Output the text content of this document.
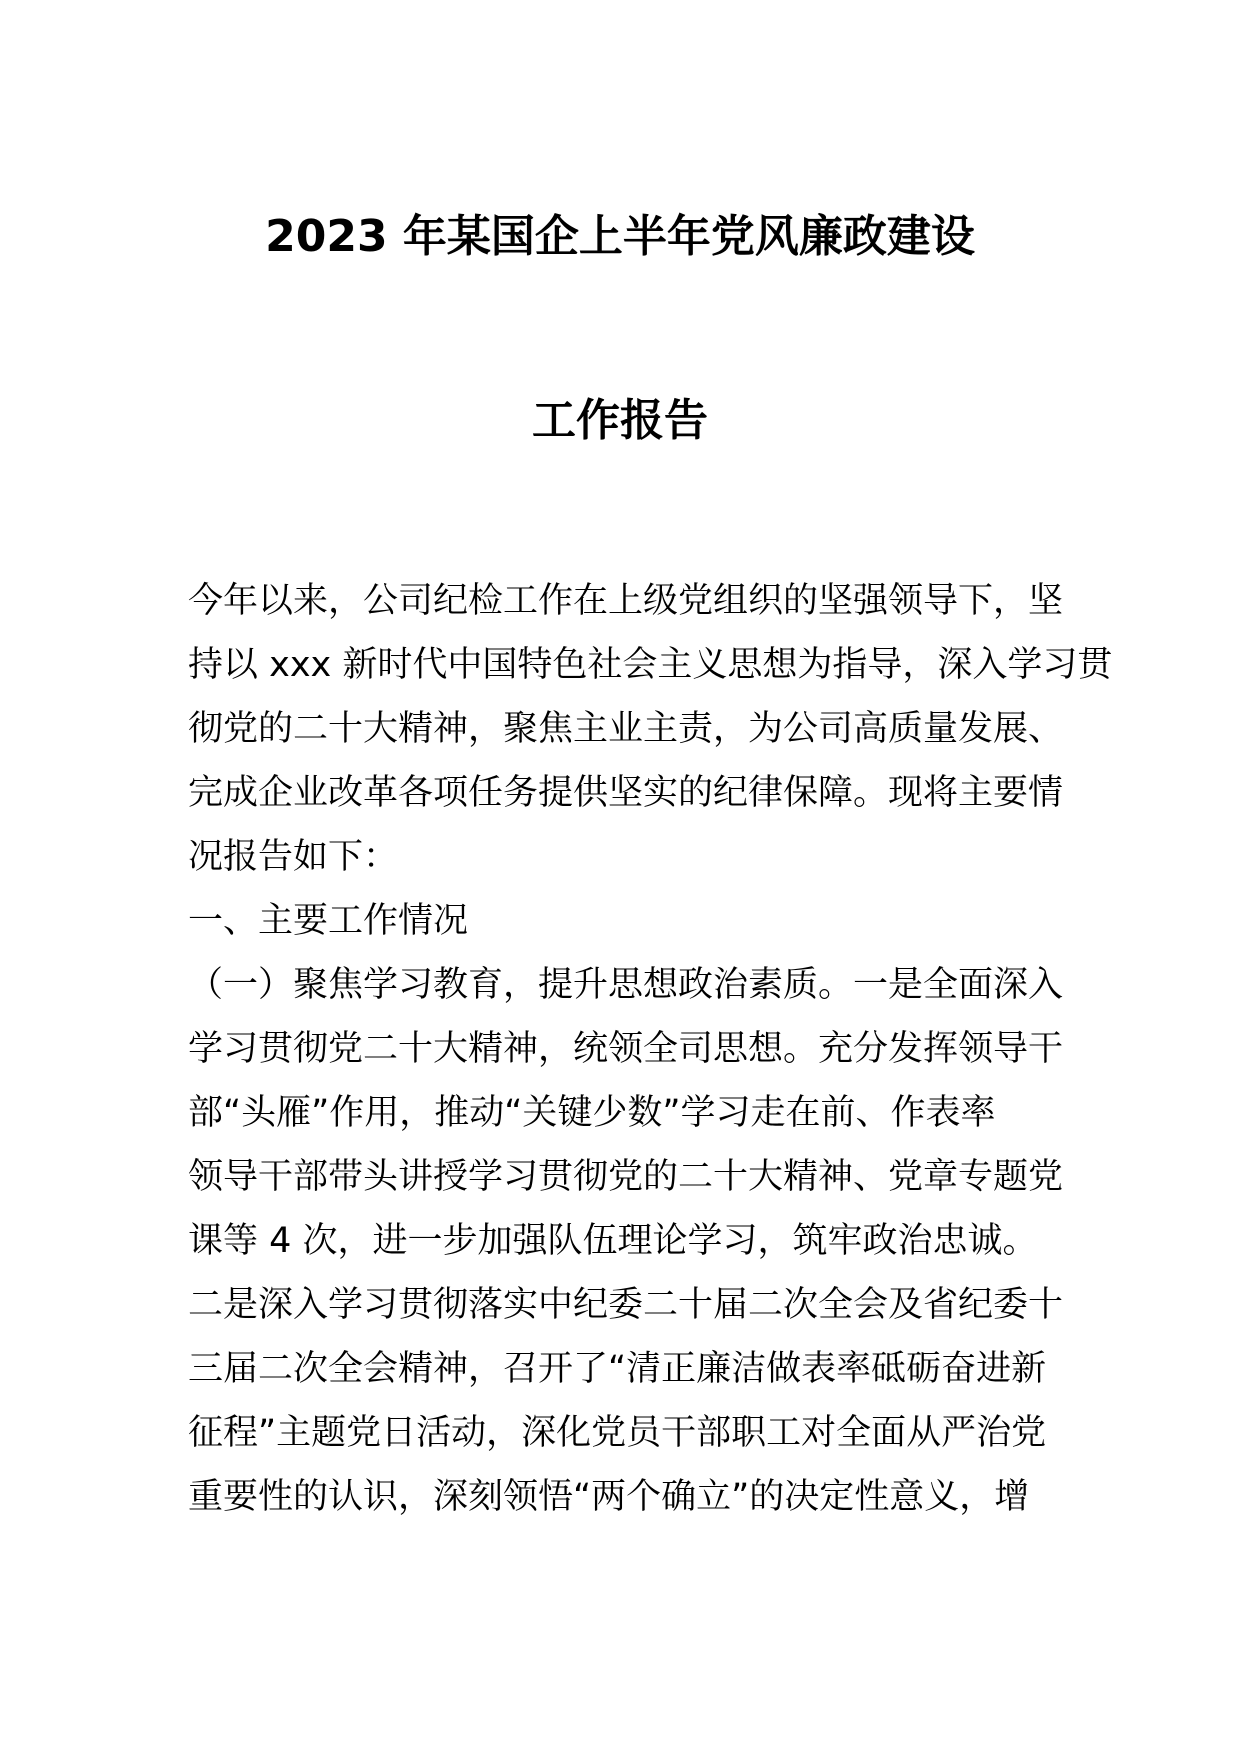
2023 年某国企上半年党风廉政建设
工作报告
今年以来，公司纪检工作在上级党组织的坚强领导下，坚
持以 xxx 新时代中国特色社会主义思想为指导，深入学习贯
彻党的二十大精神，聚焦主业主责，为公司高质量发展、
完成企业改革各项任务提供坚实的纪律保障。现将主要情
况报告如下：
一、主要工作情况
（一）聚焦学习教育，提升思想政治素质。一是全面深入
学习贯彻党二十大精神，统领全司思想。充分发挥领导干
部“头雁”作用，推动“关键少数”学习走在前、作表率
领导干部带头讲授学习贯彻党的二十大精神、党章专题党
课等 4 次，进一步加强队伍理论学习，筑牢政治忠诚。
二是深入学习贯彻落实中纪委二十届二次全会及省纪委十
三届二次全会精神，召开了“清正廉洁做表率砥砺奋进新
征程”主题党日活动，深化党员干部职工对全面从严治党
重要性的认识，深刻领悟“两个确立”的决定性意义，增
